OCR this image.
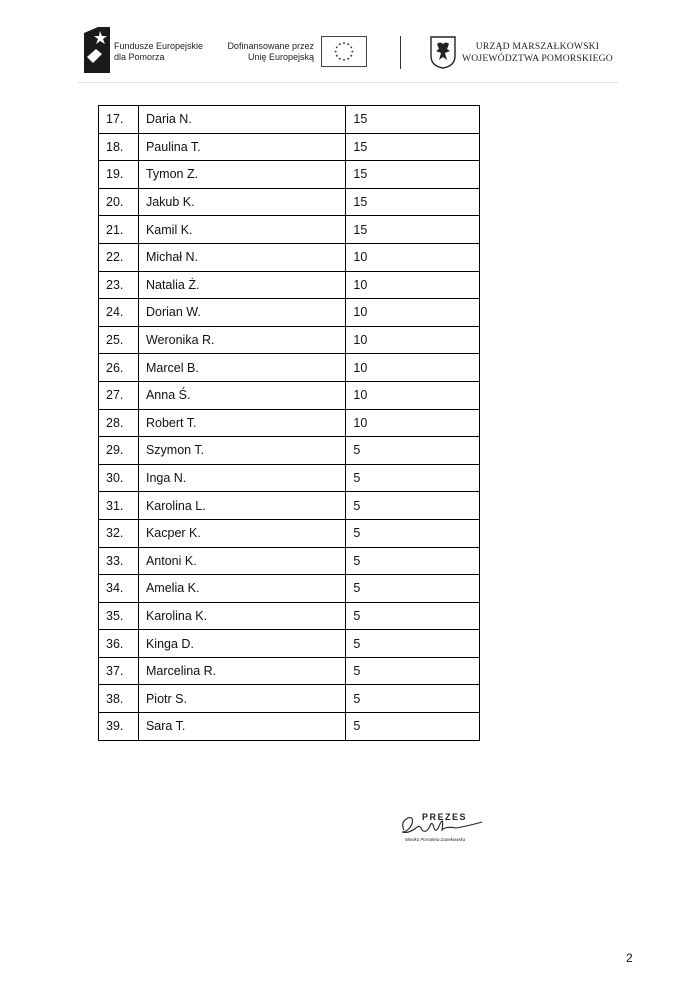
Fundusze Europejskie
dla Pomorza
Dofinansowane przez
Unię Europejską
URZĄD MARSZAŁKOWSKI
WOJEWÓDZTWA POMORSKIEGO
17.	Daria N.	15
18.	Paulina T.	15
19.	Tymon Z.	15
20.	Jakub K.	15
21.	Kamil K.	15
22.	Michał N.	10
23.	Natalia Ż.	10
24.	Dorian W.	10
25.	Weronika R.	10
26.	Marcel B.	10
27.	Anna Ś.	10
28.	Robert T.	10
29.	Szymon T.	5
30.	Inga N.	5
31.	Karolina L.	5
32.	Kacper K.	5
33.	Antoni K.	5
34.	Amelia K.	5
35.	Karolina K.	5
36.	Kinga D.	5
37.	Marcelina R.	5
38.	Piotr S.	5
39.	Sara T.	5
PREZES
Monika Pornaleta-Zaoekowska
2
